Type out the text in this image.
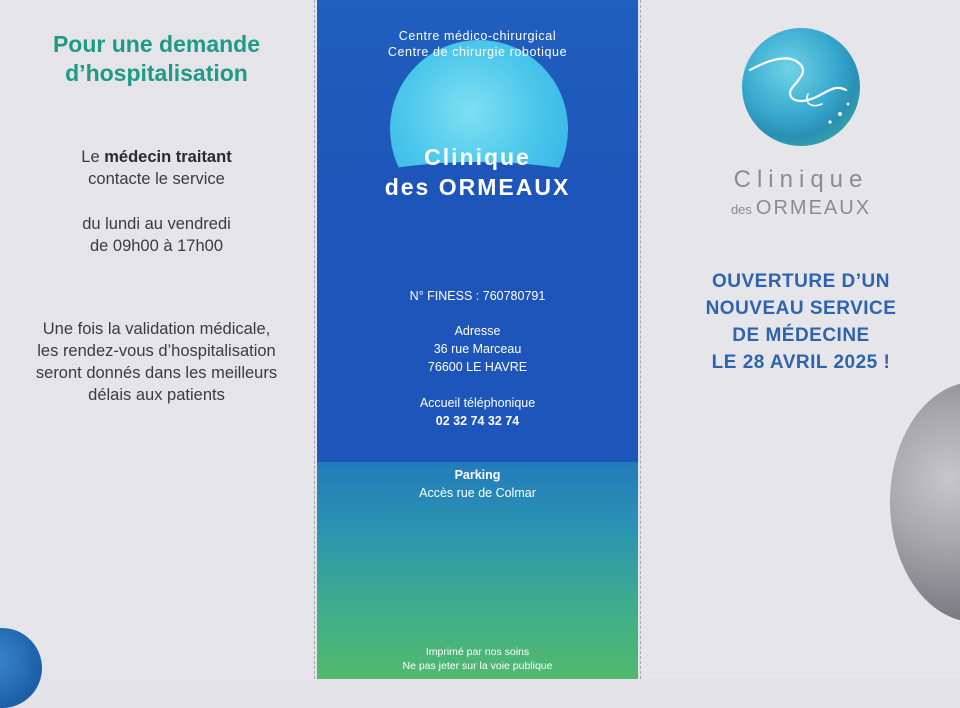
Pour une demande
d’hospitalisation

Le médecin traitant

contacte le service

du lundi au vendredi

de 09h00 à 17h00

Une fois la validation médicale,

les rendez-vous d’hospitalisation

seront donnés dans les meilleurs

délais aux patients

Centre médico-chirurgical
Centre de chirurgie robotique
Clinique
des ORMEAUX
N° FINESS : 760780791
Adresse
36 rue Marceau
76600 LE HAVRE
Accueil téléphonique
02 32 74 32 74
Parking
Accès rue de Colmar
Imprimé par nos soins
Ne pas jeter sur la voie publique
Clinique
des ORMEAUX

OUVERTURE D’UN

NOUVEAU SERVICE

DE MÉDECINE

LE 28 AVRIL 2025 !
